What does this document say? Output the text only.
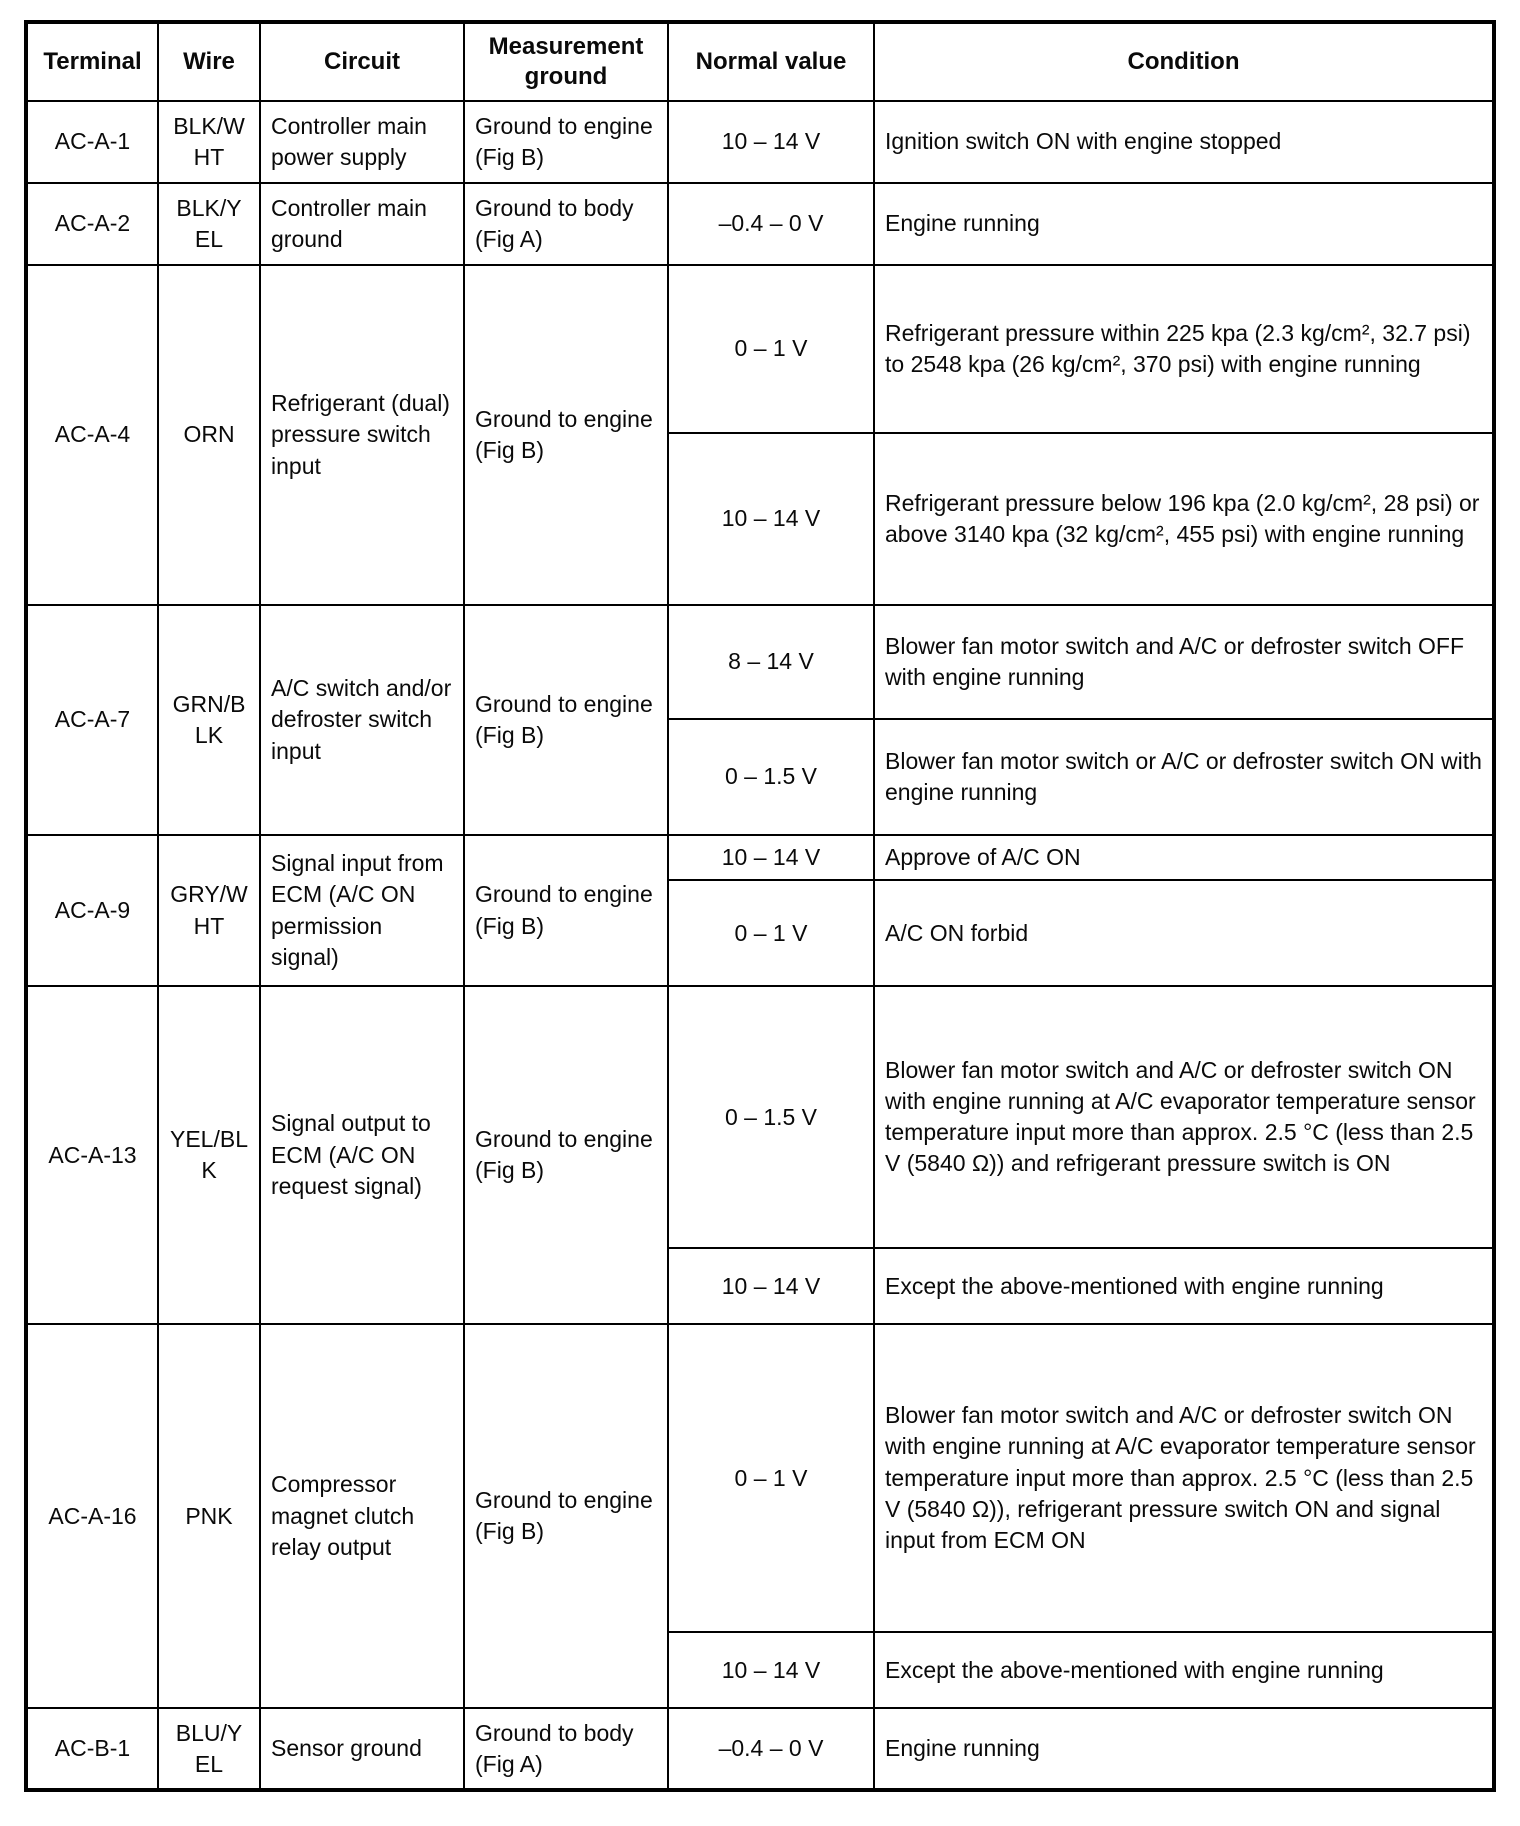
Terminal	Wire	Circuit	Measurement ground	Normal value	Condition
AC-A-1	BLK/WHT	Controller main power supply	Ground to engine (Fig B)	10 – 14 V	Ignition switch ON with engine stopped
AC-A-2	BLK/YEL	Controller main ground	Ground to body (Fig A)	–0.4 – 0 V	Engine running
AC-A-4	ORN	Refrigerant (dual) pressure switch input	Ground to engine (Fig B)	0 – 1 V	Refrigerant pressure within 225 kpa (2.3 kg/cm², 32.7 psi) to 2548 kpa (26 kg/cm², 370 psi) with engine running
				10 – 14 V	Refrigerant pressure below 196 kpa (2.0 kg/cm², 28 psi) or above 3140 kpa (32 kg/cm², 455 psi) with engine running
AC-A-7	GRN/BLK	A/C switch and/or defroster switch input	Ground to engine (Fig B)	8 – 14 V	Blower fan motor switch and A/C or defroster switch OFF with engine running
				0 – 1.5 V	Blower fan motor switch or A/C or defroster switch ON with engine running
AC-A-9	GRY/WHT	Signal input from ECM (A/C ON permission signal)	Ground to engine (Fig B)	10 – 14 V	Approve of A/C ON
				0 – 1 V	A/C ON forbid
AC-A-13	YEL/BLK	Signal output to ECM (A/C ON request signal)	Ground to engine (Fig B)	0 – 1.5 V	Blower fan motor switch and A/C or defroster switch ON with engine running at A/C evaporator temperature sensor temperature input more than approx. 2.5 °C (less than 2.5 V (5840 Ω)) and refrigerant pressure switch is ON
				10 – 14 V	Except the above-mentioned with engine running
AC-A-16	PNK	Compressor magnet clutch relay output	Ground to engine (Fig B)	0 – 1 V	Blower fan motor switch and A/C or defroster switch ON with engine running at A/C evaporator temperature sensor temperature input more than approx. 2.5 °C (less than 2.5 V (5840 Ω)), refrigerant pressure switch ON and signal input from ECM ON
				10 – 14 V	Except the above-mentioned with engine running
AC-B-1	BLU/YEL	Sensor ground	Ground to body (Fig A)	–0.4 – 0 V	Engine running
